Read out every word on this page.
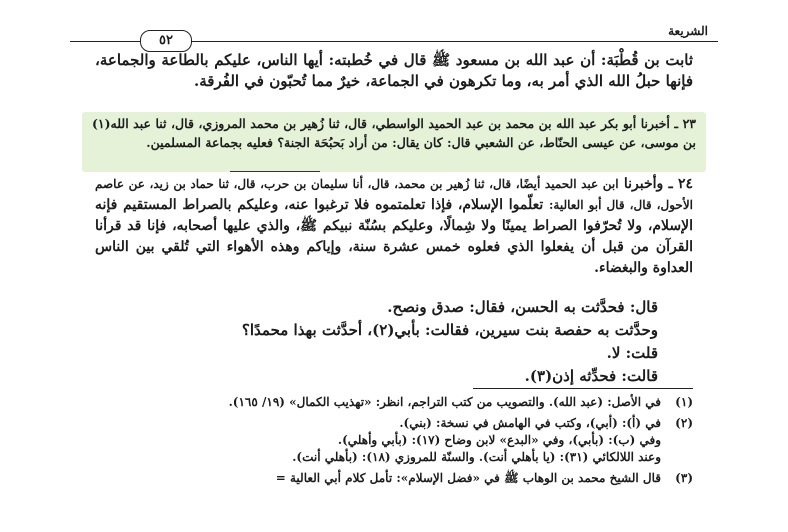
الشريعة
٥٢

ثابت بن قُطْبَة: أن عبد الله بن مسعود ﷺ قال في خُطبته: أيها الناس، عليكم بالطاعة والجماعة، فإنها حبلُ الله الذي أمر به، وما تكرهون في الجماعة، خيرٌ مما تُحبّون في الفُرقة.

٢٣ ـ أخبرنا أبو بكر عبد الله بن محمد بن عبد الحميد الواسطي، قال، ثنا زُهير بن محمد المروزي، قال، ثنا عبد الله(١) بن موسى، عن عيسى الحنّاط، عن الشعبي قال: كان يقال: من أراد بَحبُحَة الجنة؟ فعليه بجماعة المسلمين.
٢٤ ـ وأخبرنا ابن عبد الحميد أيضًا، قال، ثنا زُهير بن محمد، قال، أنا سليمان بن حرب، قال، ثنا حماد بن زيد، عن عاصم الأحول، قال، قال أبو العالية: تعلّموا الإسلام، فإذا تعلمتموه فلا ترغبوا عنه، وعليكم بالصراط المستقيم فإنه الإسلام، ولا تُحرّفوا الصراط يمينًا ولا شِمالًا، وعليكم بسُنّة نبيكم ﷺ، والذي عليها أصحابه، فإنا قد قرأنا القرآن من قبل أن يفعلوا الذي فعلوه خمس عشرة سنة، وإياكم وهذه الأهواء التي تُلقي بين الناس العداوة والبغضاء.

قال: فحدَّثت به الحسن، فقال: صدق ونصح.

وحدَّثت به حفصة بنت سيرين، فقالت: بأبي(٢)، أحدَّثت بهذا محمدًا؟

قلت: لا.

قالت: فحدِّثه إذن(٣).

(١)
في الأصل: (عبد الله). والتصويب من كتب التراجم، انظر: «تهذيب الكمال» (١٩/ ١٦٥).
(٢)
في (أ): (أبي)، وكتب في الهامش في نسخة: (بني).
وفي (ب): (بأبي)، وفي «البدع» لابن وضاح (١٧): (بأبي وأهلي).
وعند اللالكائي (٣١): (يا بأهلي أنت). والسنّة للمروزي (١٨): (بأهلي أنت).
(٣)
قال الشيخ محمد بن الوهاب ﷺ في «فضل الإسلام»: تأمل كلام أبي العالية =
